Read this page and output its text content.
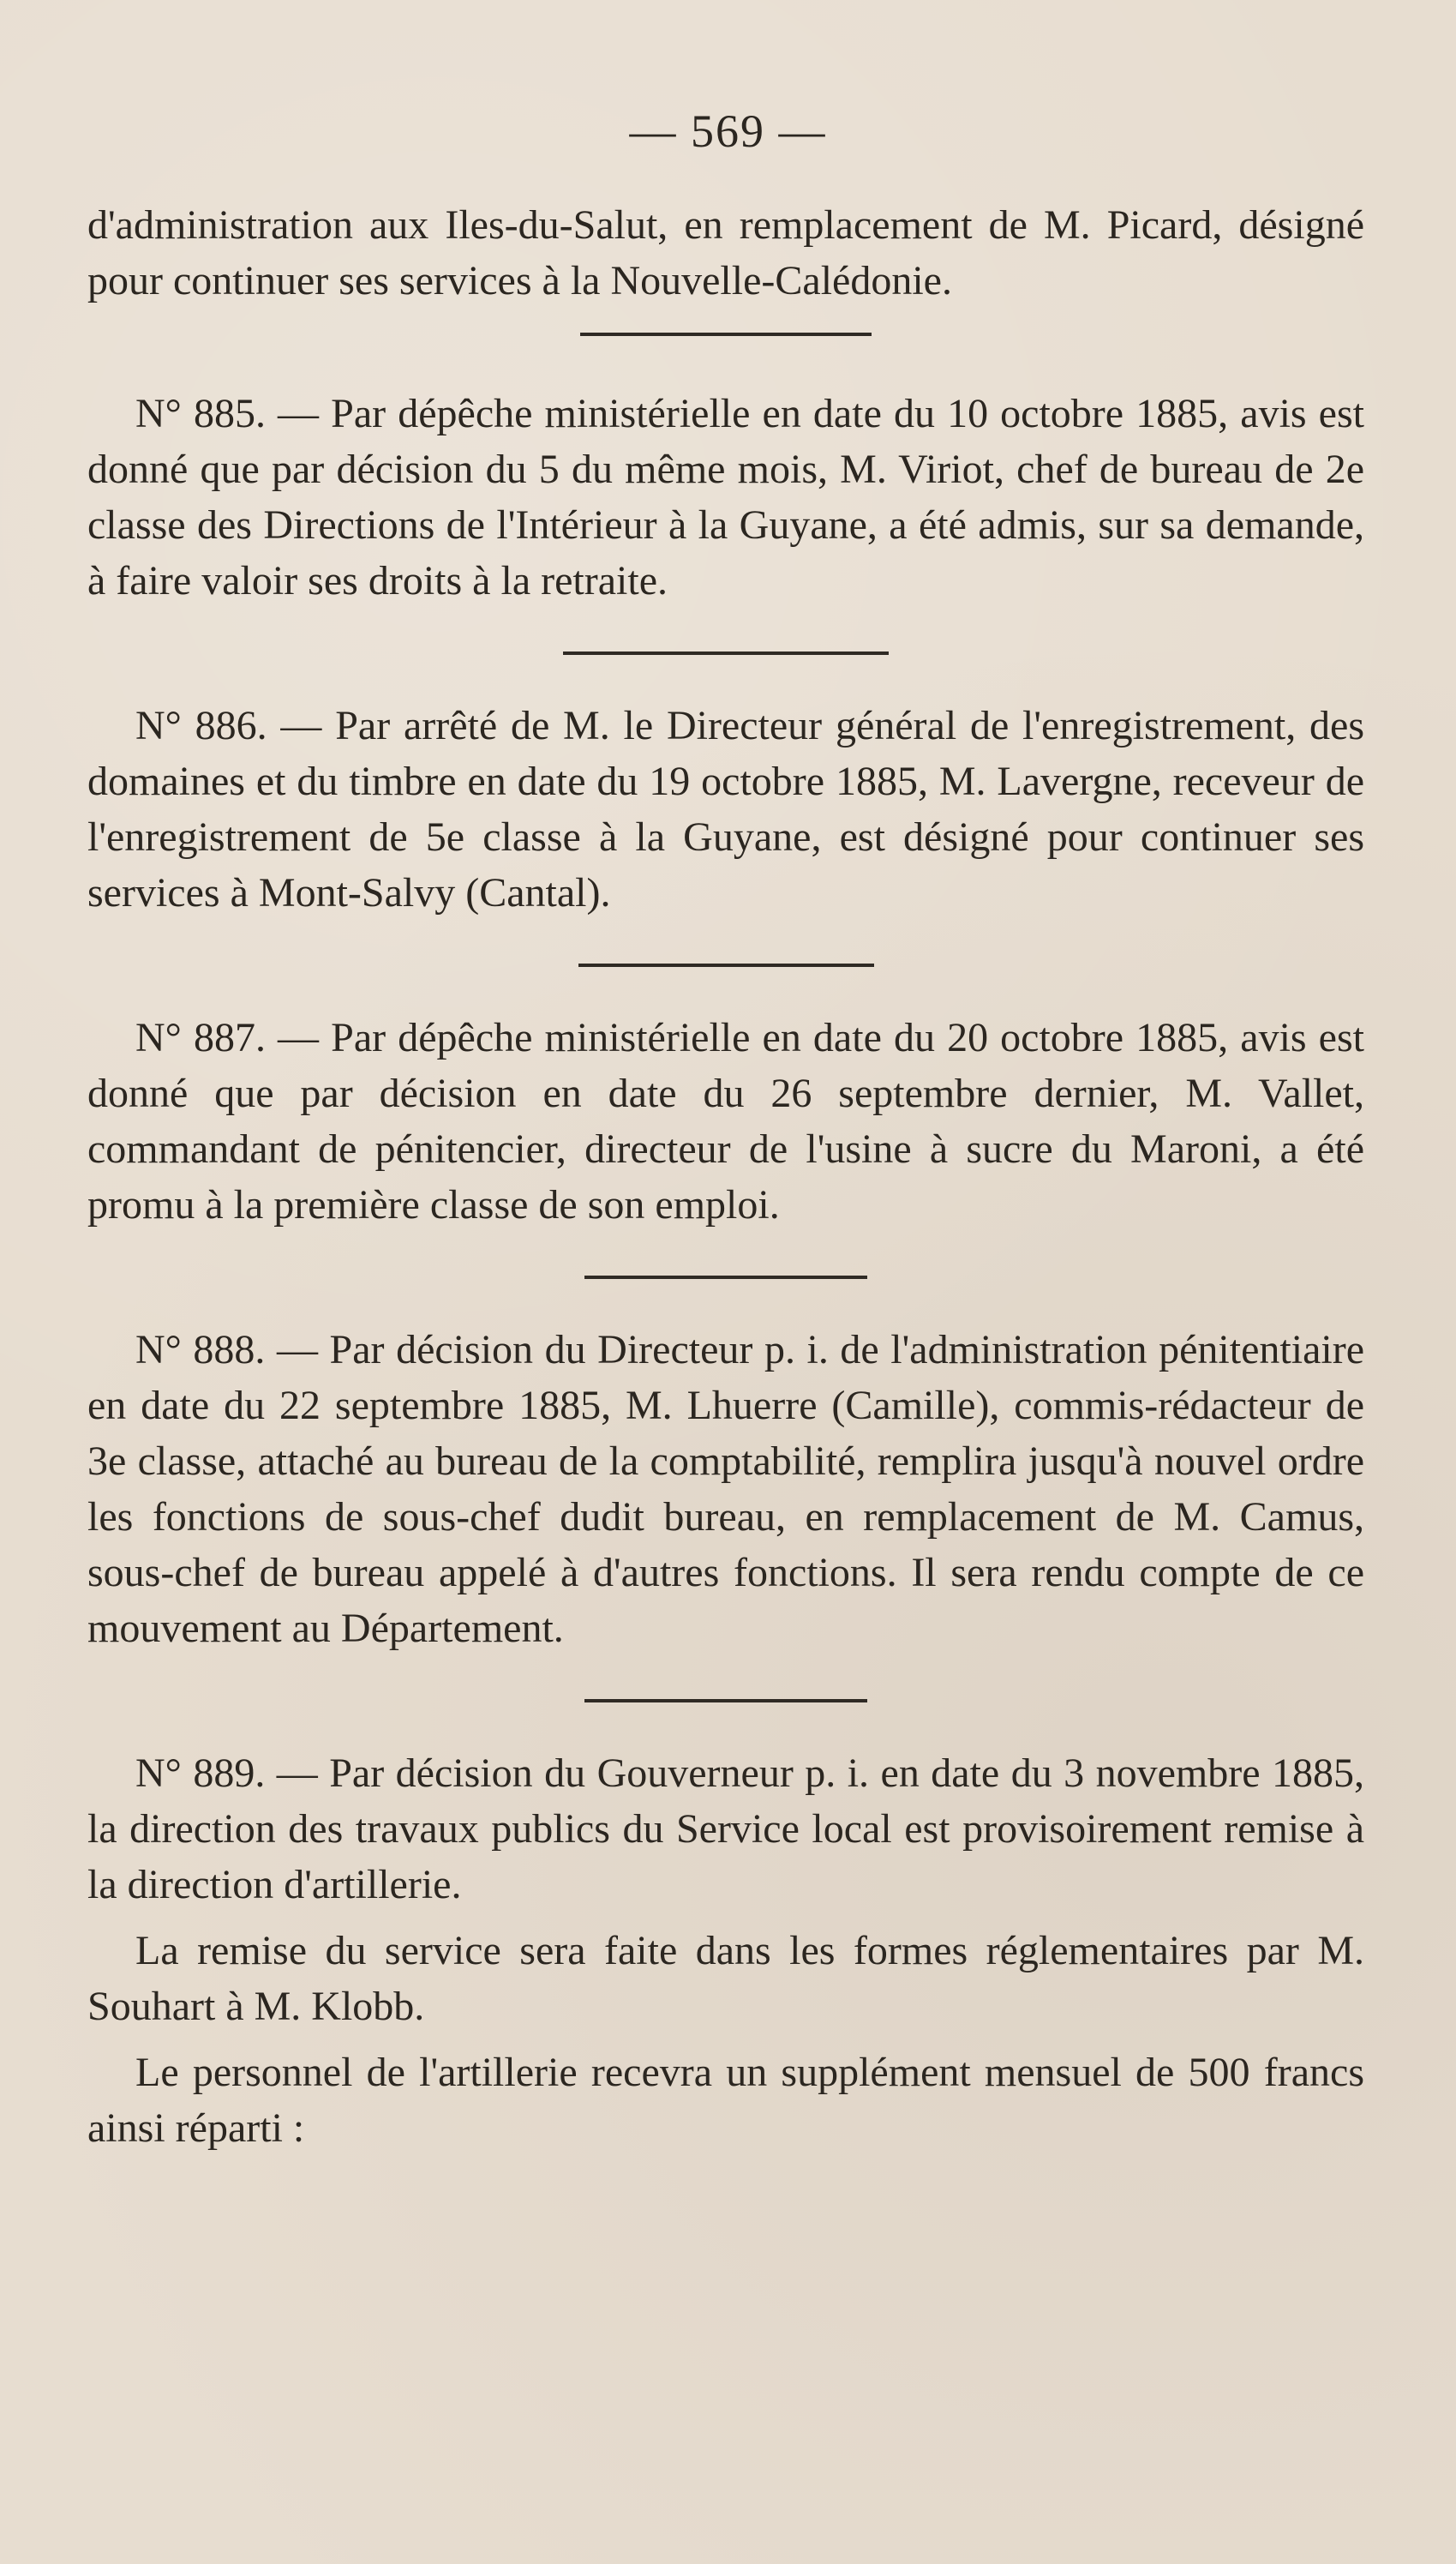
— 569 —

d'administration aux Iles-du-Salut, en remplacement de M. Picard, désigné pour continuer ses services à la Nouvelle-Calédonie.

N° 885. — Par dépêche ministérielle en date du 10 octobre 1885, avis est donné que par décision du 5 du même mois, M. Viriot, chef de bureau de 2e classe des Directions de l'Intérieur à la Guyane, a été admis, sur sa demande, à faire valoir ses droits à la retraite.

N° 886. — Par arrêté de M. le Directeur général de l'enregistrement, des domaines et du timbre en date du 19 octobre 1885, M. Lavergne, receveur de l'enregistrement de 5e classe à la Guyane, est désigné pour continuer ses services à Mont-Salvy (Cantal).

N° 887. — Par dépêche ministérielle en date du 20 octobre 1885, avis est donné que par décision en date du 26 septembre dernier, M. Vallet, commandant de pénitencier, directeur de l'usine à sucre du Maroni, a été promu à la première classe de son emploi.

N° 888. — Par décision du Directeur p. i. de l'administration pénitentiaire en date du 22 septembre 1885, M. Lhuerre (Camille), commis-rédacteur de 3e classe, attaché au bureau de la comptabilité, remplira jusqu'à nouvel ordre les fonctions de sous-chef dudit bureau, en remplacement de M. Camus, sous-chef de bureau appelé à d'autres fonctions. Il sera rendu compte de ce mouvement au Département.

N° 889. — Par décision du Gouverneur p. i. en date du 3 novembre 1885, la direction des travaux publics du Service local est provisoirement remise à la direction d'artillerie.

La remise du service sera faite dans les formes réglementaires par M. Souhart à M. Klobb.

Le personnel de l'artillerie recevra un supplément mensuel de 500 francs ainsi réparti :
